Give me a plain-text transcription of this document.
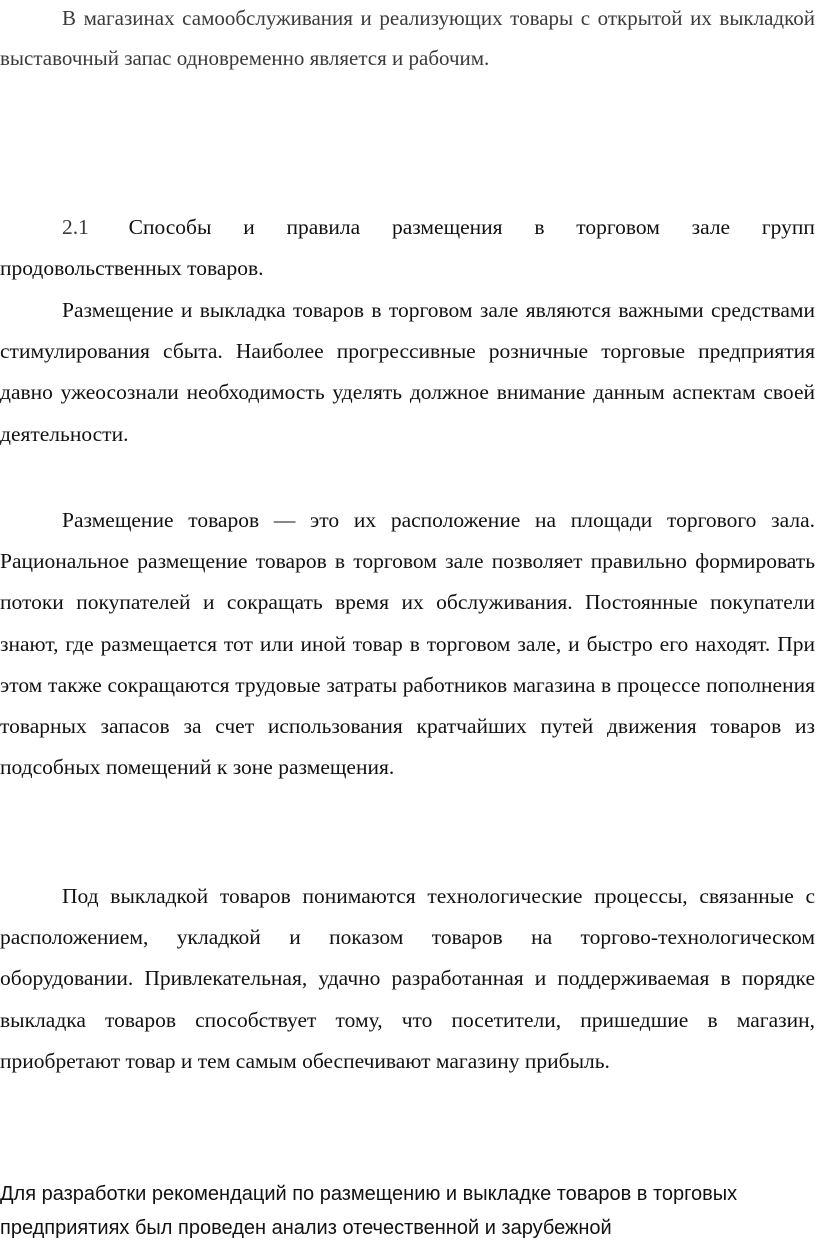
В магазинах самообслуживания и реализующих товары с открытой их выкладкой выставочный запас одновременно является и рабочим.

2.1 Способы и правила размещения в торговом зале групп

продовольственных товаров.

Размещение и выкладка товаров в торговом зале являются важными средствами стимулирования сбыта. Наиболее прогрессивные розничные торговые предприятия давно ужеосознали необходимость уделять должное внимание данным аспектам своей деятельности.

Размещение товаров — это их расположение на площади торгового зала. Рациональное размещение товаров в торговом зале позволяет правильно формировать потоки покупателей и сокращать время их обслуживания. Постоянные покупатели знают, где размещается тот или иной товар в торговом зале, и быстро его находят. При этом также сокращаются трудовые затраты работников магазина в процессе пополнения товарных запасов за счет использования кратчайших путей движения товаров из подсобных помещений к зоне размещения.

Под выкладкой товаров понимаются технологические процессы, связанные с расположением, укладкой и показом товаров на торгово-технологическом оборудовании. Привлекательная, удачно разработанная и поддерживаемая в порядке выкладка товаров способствует тому, что посетители, пришедшие в магазин, приобретают товар и тем самым обеспечивают магазину прибыль.

Для разработки рекомендаций по размещению и выкладке товаров в торговых предприятиях был проведен анализ отечественной и зарубежной
